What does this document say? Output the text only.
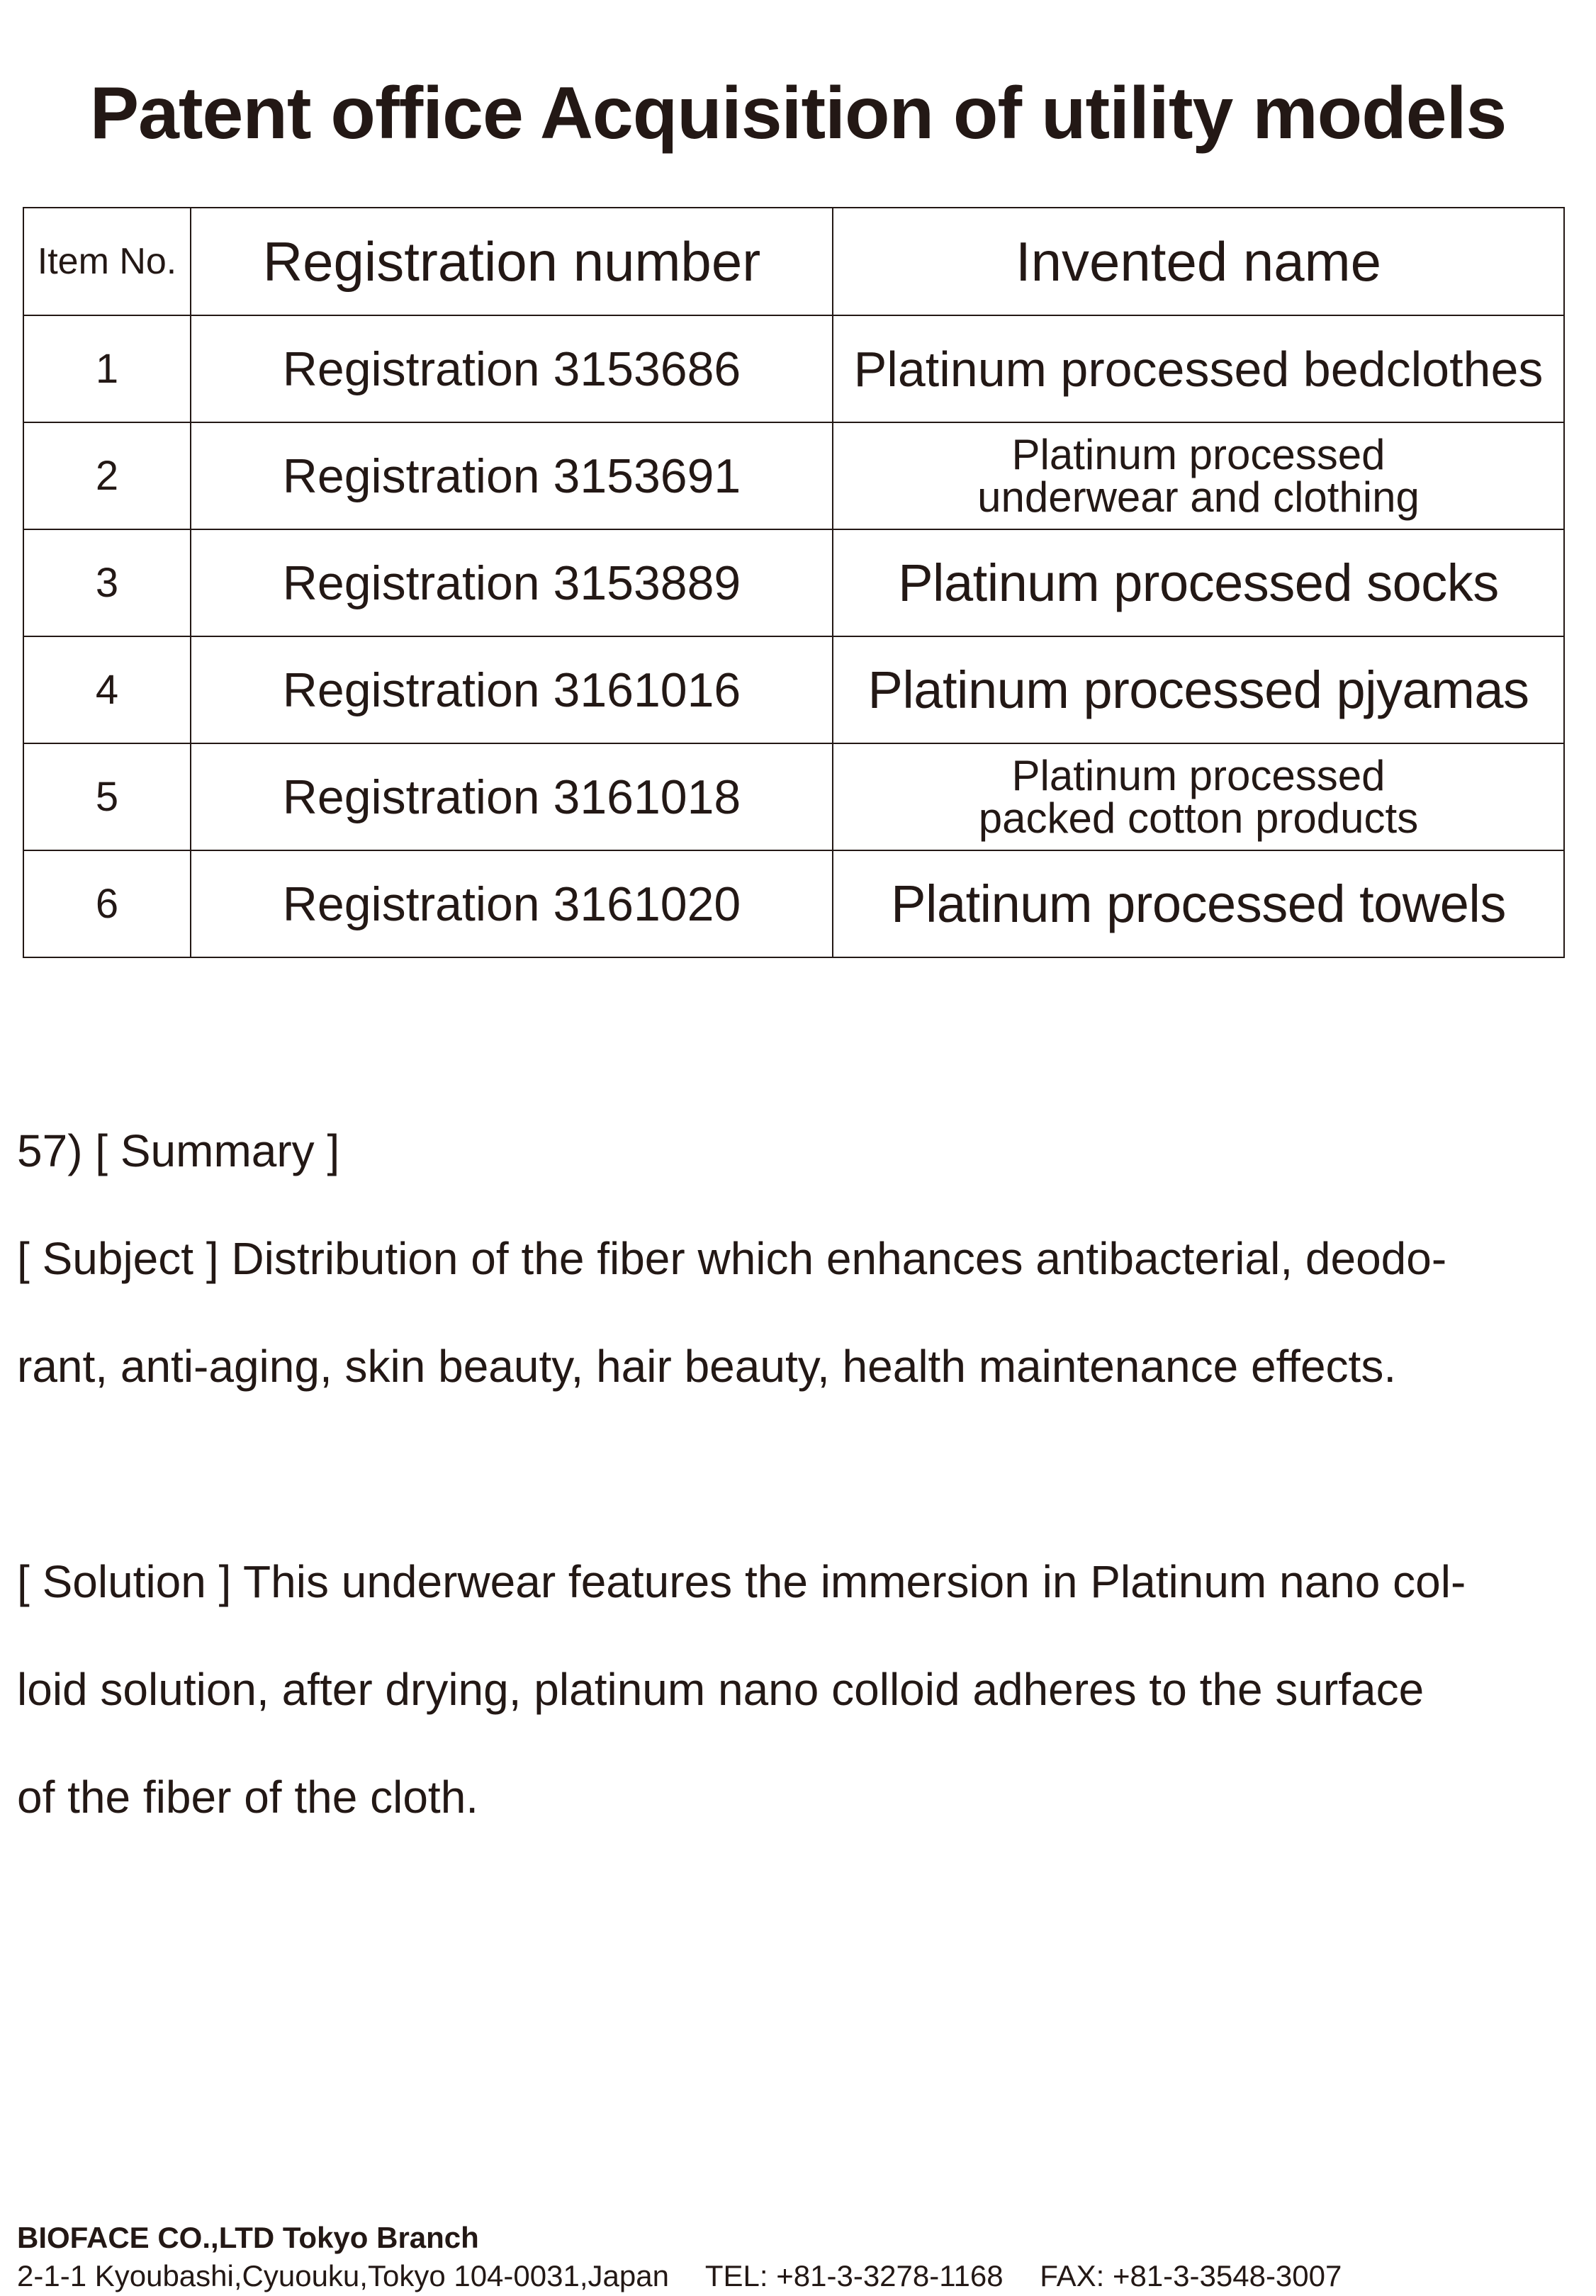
Patent office Acquisition of utility models
Item No.	Registration number	Invented name
1	Registration 3153686	Platinum processed bedclothes
2	Registration 3153691	Platinum processed
underwear and clothing

3	Registration 3153889	Platinum processed socks
4	Registration 3161016	Platinum processed pjyamas
5	Registration 3161018	Platinum processed
packed cotton products

6	Registration 3161020	Platinum processed towels

57) [ Summary ]

[ Subject ] Distribution of the fiber which enhances antibacterial, deodo-

rant, anti-aging, skin beauty, hair beauty, health maintenance effects.

[ Solution ] This underwear features the immersion in Platinum nano col-

loid solution, after drying, platinum nano colloid adheres to the surface

of the fiber of the cloth.

BIOFACE CO.,LTD Tokyo Branch
2-1-1 Kyoubashi,Cyuouku,Tokyo 104-0031,Japan TEL: +81-3-3278-1168 FAX: +81-3-3548-3007
